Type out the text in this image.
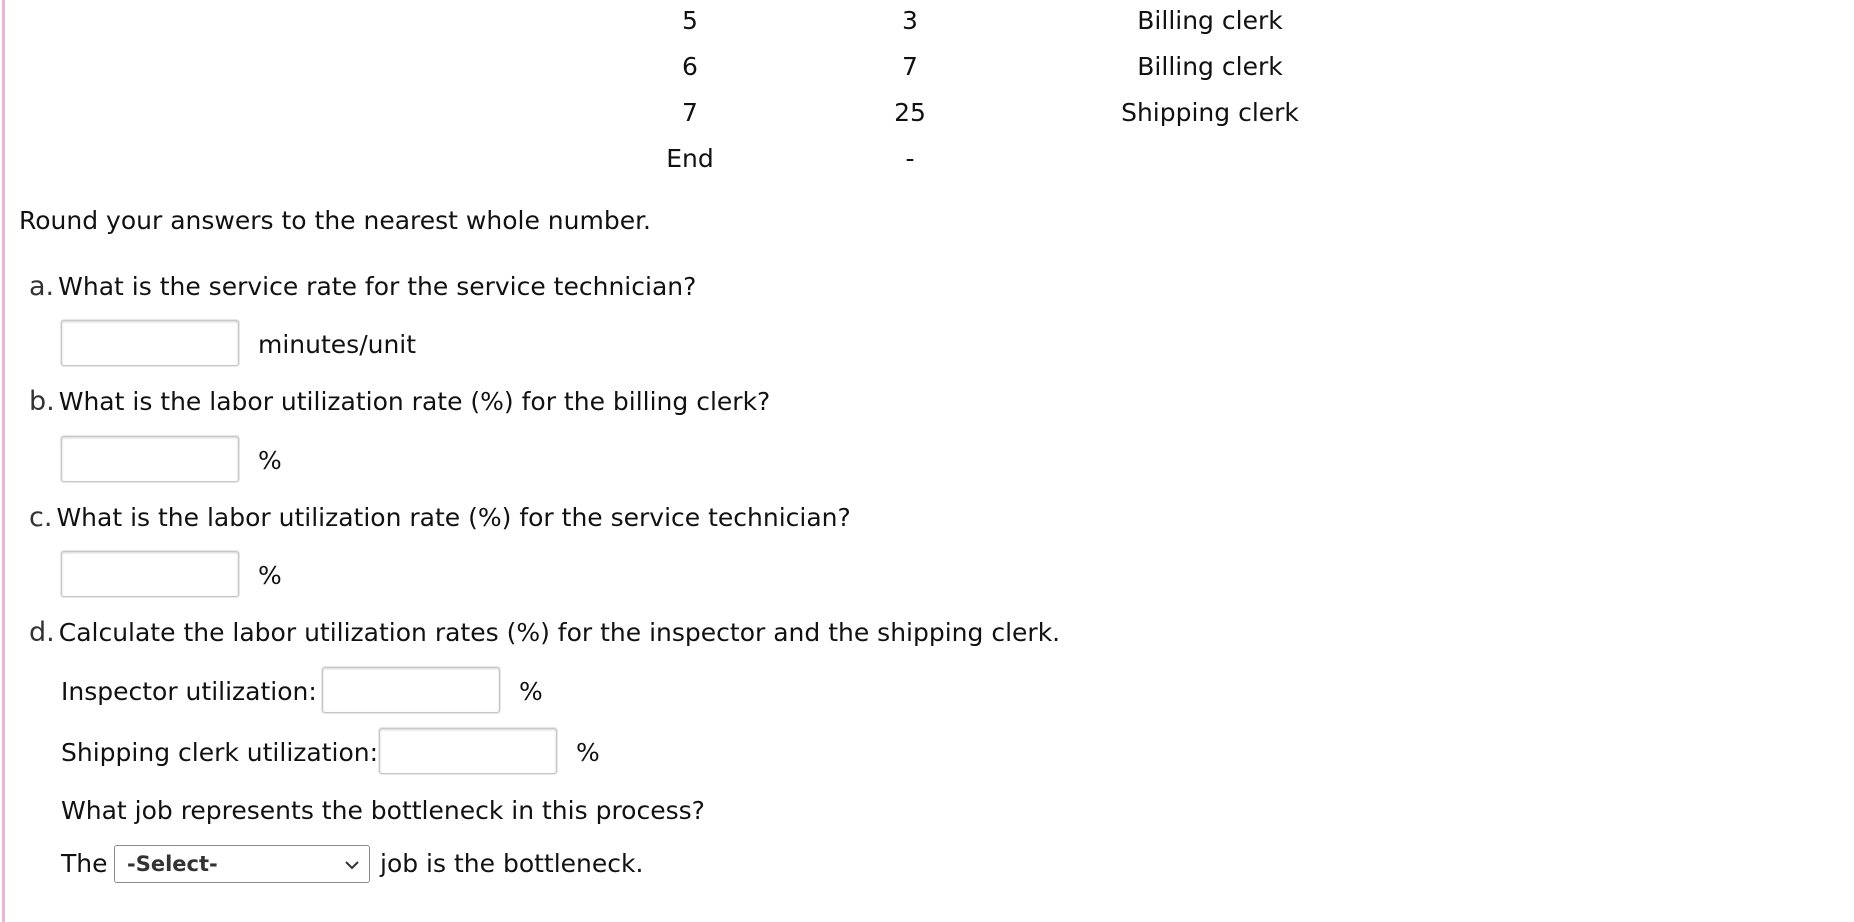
5	3	Billing clerk
6	7	Billing clerk
7	25	Shipping clerk
End	-
Round your answers to the nearest whole number.
a. What is the service rate for the service technician?
minutes/unit
b. What is the labor utilization rate (%) for the billing clerk?
%
c. What is the labor utilization rate (%) for the service technician?
%
d. Calculate the labor utilization rates (%) for the inspector and the shipping clerk.
Inspector utilization:	%
Shipping clerk utilization:	%
What job represents the bottleneck in this process?
The -Select-	job is the bottleneck.
